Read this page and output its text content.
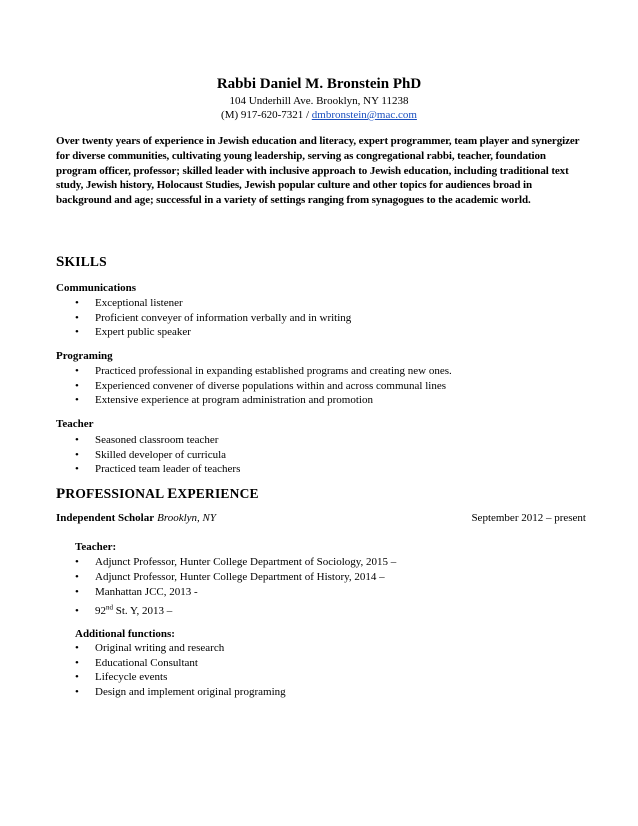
Rabbi Daniel M. Bronstein PhD
104 Underhill Ave. Brooklyn, NY 11238
(M) 917-620-7321 / dmbronstein@mac.com
Over twenty years of experience in Jewish education and literacy, expert programmer, team player and synergizer for diverse communities, cultivating young leadership, serving as congregational rabbi, teacher, foundation program officer, professor; skilled leader with inclusive approach to Jewish education, including traditional text study, Jewish history, Holocaust Studies, Jewish popular culture and other topics for audiences broad in background and age; successful in a variety of settings ranging from synagogues to the academic world.
SKILLS
Communications
• Exceptional listener
• Proficient conveyer of information verbally and in writing
• Expert public speaker
Programing
• Practiced professional in expanding established programs and creating new ones.
• Experienced convener of diverse populations within and across communal lines
• Extensive experience at program administration and promotion
Teacher
• Seasoned classroom teacher
• Skilled developer of curricula
• Practiced team leader of teachers
PROFESSIONAL EXPERIENCE
Independent Scholar Brooklyn, NY	September 2012 – present
Teacher:
• Adjunct Professor, Hunter College Department of Sociology, 2015 –
• Adjunct Professor, Hunter College Department of History, 2014 –
• Manhattan JCC, 2013 -
• 92nd St. Y, 2013 –
Additional functions:
• Original writing and research
• Educational Consultant
• Lifecycle events
• Design and implement original programing
